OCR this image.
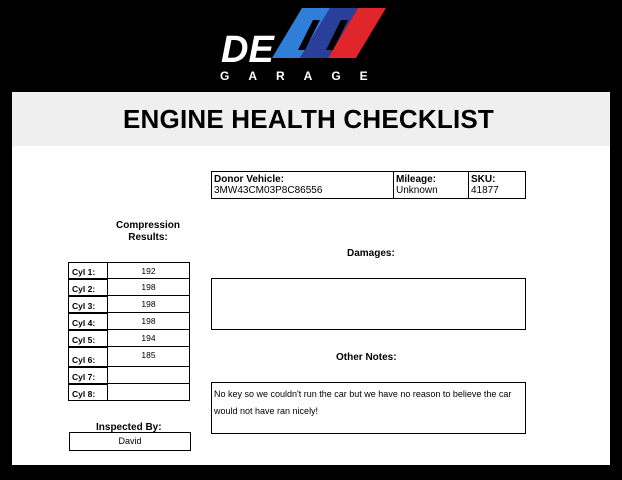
DE
GARAGE
ENGINE HEALTH CHECKLIST
Donor Vehicle:
3MW43CM03P8C86556
Mileage:
Unknown
SKU:
41877
Compression Results:
Cyl 1:	192
Cyl 2:	198
Cyl 3:	198
Cyl 4:	198
Cyl 5:	194
Cyl 6:	185
Cyl 7:
Cyl 8:
Damages:
Other Notes:
No key so we couldn't run the car but we have no reason to believe the car
would not have ran nicely!
Inspected By:
David
